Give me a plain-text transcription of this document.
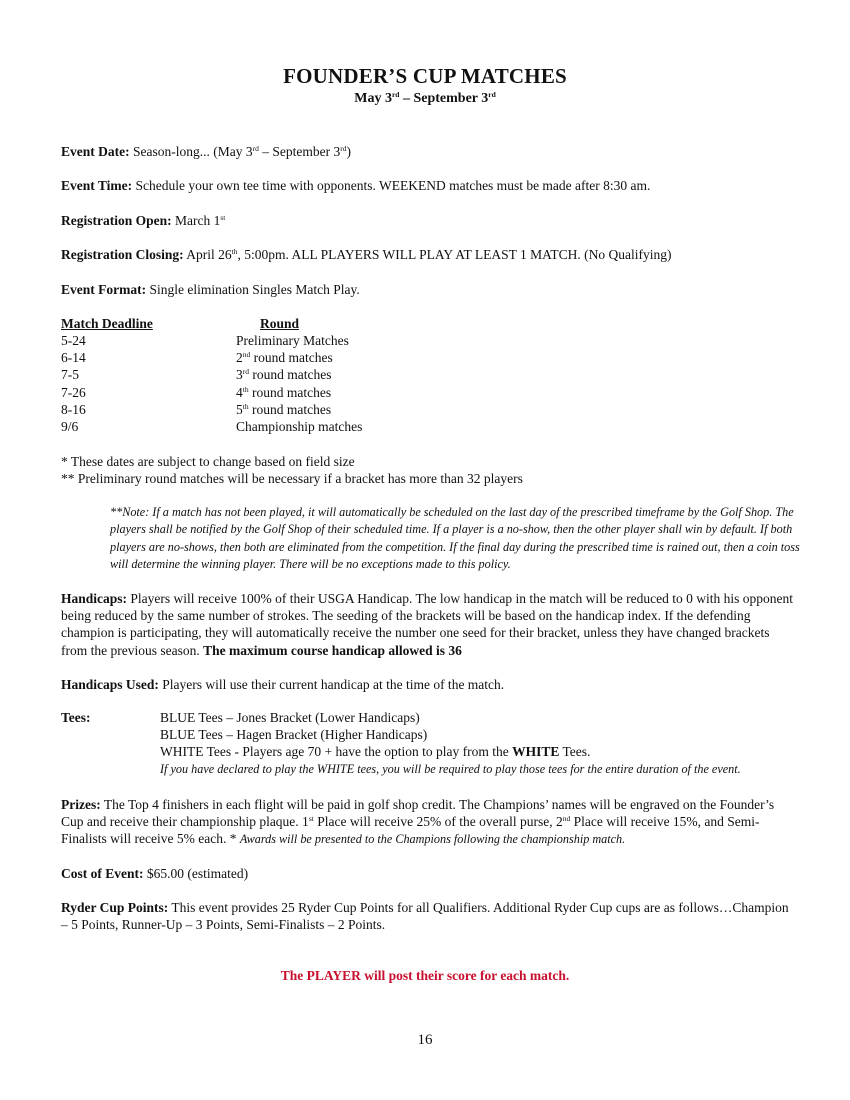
FOUNDER’S CUP MATCHES
May 3rd – September 3rd
Event Date: Season-long... (May 3rd – September 3rd)
Event Time: Schedule your own tee time with opponents. WEEKEND matches must be made after 8:30 am.
Registration Open: March 1st
Registration Closing: April 26th, 5:00pm. ALL PLAYERS WILL PLAY AT LEAST 1 MATCH. (No Qualifying)
Event Format: Single elimination Singles Match Play.
Match Deadline	Round
5-24	Preliminary Matches
6-14	2nd round matches
7-5	3rd round matches
7-26	4th round matches
8-16	5th round matches
9/6	Championship matches
* These dates are subject to change based on field size
** Preliminary round matches will be necessary if a bracket has more than 32 players
**Note: If a match has not been played, it will automatically be scheduled on the last day of the prescribed timeframe by the Golf Shop. The players shall be notified by the Golf Shop of their scheduled time. If a player is a no-show, then the other player shall win by default. If both players are no-shows, then both are eliminated from the competition. If the final day during the prescribed time is rained out, then a coin toss will determine the winning player. There will be no exceptions made to this policy.
Handicaps: Players will receive 100% of their USGA Handicap. The low handicap in the match will be reduced to 0 with his opponent being reduced by the same number of strokes. The seeding of the brackets will be based on the handicap index. If the defending champion is participating, they will automatically receive the number one seed for their bracket, unless they have changed brackets from the previous season. The maximum course handicap allowed is 36
Handicaps Used: Players will use their current handicap at the time of the match.
Tees:	BLUE Tees – Jones Bracket (Lower Handicaps)
BLUE Tees – Hagen Bracket (Higher Handicaps)
WHITE Tees - Players age 70 + have the option to play from the WHITE Tees.
If you have declared to play the WHITE tees, you will be required to play those tees for the entire duration of the event.
Prizes: The Top 4 finishers in each flight will be paid in golf shop credit. The Champions’ names will be engraved on the Founder’s Cup and receive their championship plaque. 1st Place will receive 25% of the overall purse, 2nd Place will receive 15%, and Semi-Finalists will receive 5% each. * Awards will be presented to the Champions following the championship match.
Cost of Event: $65.00 (estimated)
Ryder Cup Points: This event provides 25 Ryder Cup Points for all Qualifiers. Additional Ryder Cup cups are as follows…Champion – 5 Points, Runner-Up – 3 Points, Semi-Finalists – 2 Points.
The PLAYER will post their score for each match.
16
